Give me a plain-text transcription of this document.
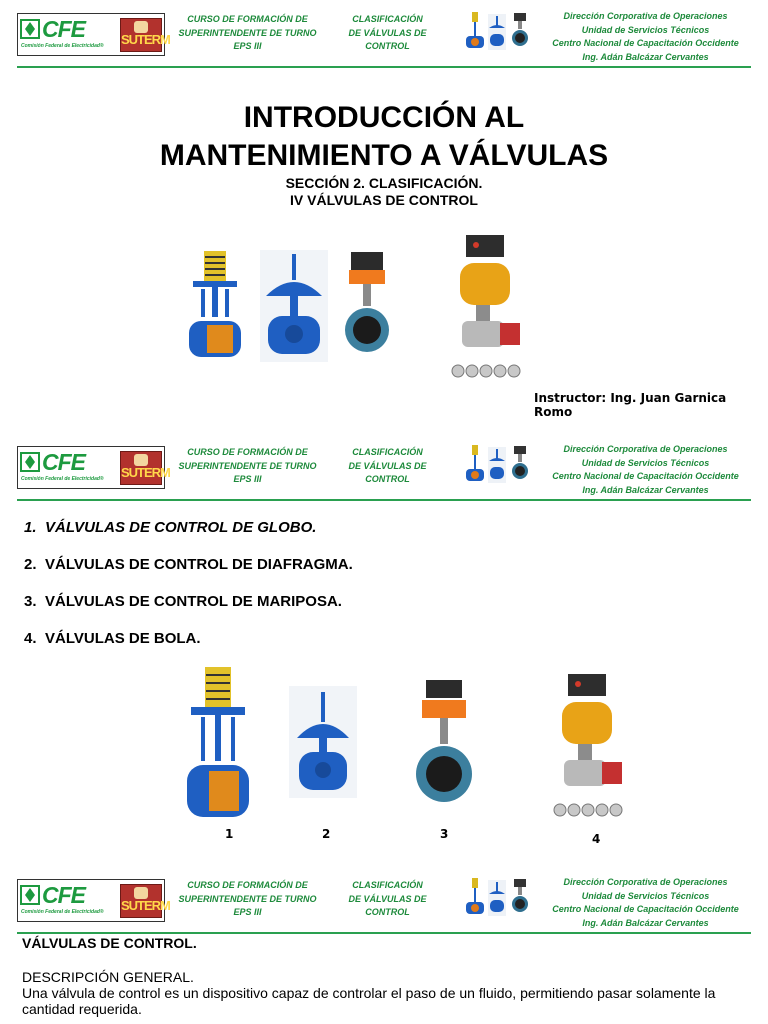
CFE
Comisión Federal de Electricidad® SUTERM
CURSO DE FORMACIÓN DE
SUPERINTENDENTE DE TURNO
EPS III
CLASIFICACIÓN
DE VÁLVULAS DE
CONTROL
Dirección Corporativa de Operaciones
Unidad de Servicios Técnicos
Centro Nacional de Capacitación Occidente
Ing. Adán Balcázar Cervantes
INTRODUCCIÓN AL
MANTENIMIENTO A VÁLVULAS
SECCIÓN 2. CLASIFICACIÓN.
IV VÁLVULAS DE CONTROL
Instructor: Ing. Juan Garnica Romo
CFE
Comisión Federal de Electricidad® SUTERM
CURSO DE FORMACIÓN DE
SUPERINTENDENTE DE TURNO
EPS III
CLASIFICACIÓN
DE VÁLVULAS DE
CONTROL
Dirección Corporativa de Operaciones
Unidad de Servicios Técnicos
Centro Nacional de Capacitación Occidente
Ing. Adán Balcázar Cervantes
1. VÁLVULAS DE CONTROL DE GLOBO.
2. VÁLVULAS DE CONTROL DE DIAFRAGMA.
3. VÁLVULAS DE CONTROL DE MARIPOSA.
4. VÁLVULAS DE BOLA.
1	2	3	4
CFE
Comisión Federal de Electricidad® SUTERM
CURSO DE FORMACIÓN DE
SUPERINTENDENTE DE TURNO
EPS III
CLASIFICACIÓN
DE VÁLVULAS DE
CONTROL
Dirección Corporativa de Operaciones
Unidad de Servicios Técnicos
Centro Nacional de Capacitación Occidente
Ing. Adán Balcázar Cervantes
VÁLVULAS DE CONTROL.
DESCRIPCIÓN GENERAL.
Una válvula de control es un dispositivo capaz de controlar el paso de un fluido, permitiendo pasar solamente la cantidad requerida.
